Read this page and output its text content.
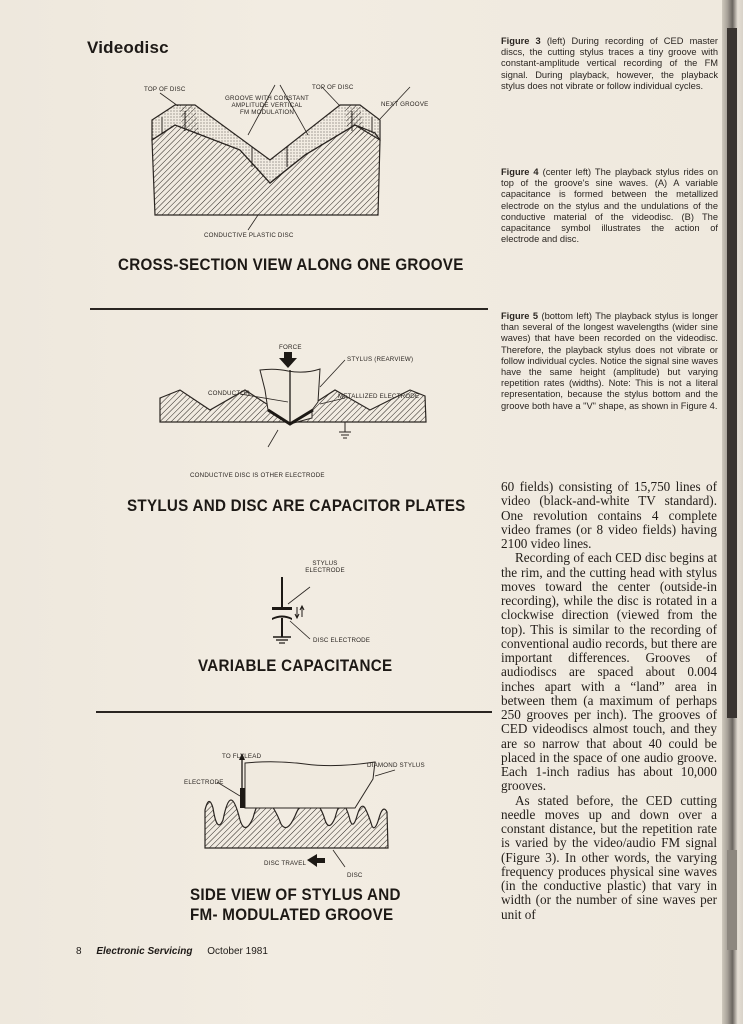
Videodisc
TOP OF DISC	TOP OF DISC
GROOVE WITH CONSTANT
AMPLITUDE VERTICAL
FM MODULATION
NEXT GROOVE
CONDUCTIVE PLASTIC DISC
CROSS-SECTION VIEW ALONG ONE GROOVE
FORCE
STYLUS (REARVIEW)
CONDUCTOR	METALLIZED ELECTRODE
CONDUCTIVE DISC IS OTHER ELECTRODE
STYLUS AND DISC ARE CAPACITOR PLATES
STYLUS
ELECTRODE
DISC ELECTRODE
VARIABLE CAPACITANCE
TO FLYLEAD
DIAMOND STYLUS
ELECTRODE
DISC TRAVEL
DISC
SIDE VIEW OF STYLUS AND
FM- MODULATED GROOVE
Figure 3 (left) During recording of CED master discs, the cutting stylus traces a tiny groove with constant-amplitude vertical recording of the FM signal. During playback, however, the playback stylus does not vibrate or follow individual cycles.
Figure 4 (center left) The playback stylus rides on top of the groove's sine waves. (A) A variable capacitance is formed between the metallized electrode on the stylus and the undulations of the conductive material of the videodisc. (B) The capacitance symbol illustrates the action of electrode and disc.
Figure 5 (bottom left) The playback stylus is longer than several of the longest wavelengths (wider sine waves) that have been recorded on the videodisc. Therefore, the playback stylus does not vibrate or follow individual cycles. Notice the signal sine waves have the same height (amplitude) but varying repetition rates (widths). Note: This is not a literal representation, because the stylus bottom and the groove both have a "V" shape, as shown in Figure 4.

60 fields) consisting of 15,750 lines of video (black-and-white TV standard). One revolution contains 4 complete video frames (or 8 video fields) having 2100 video lines.

Recording of each CED disc begins at the rim, and the cutting head with stylus moves toward the center (outside-in recording), while the disc is rotated in a clockwise direction (viewed from the top). This is similar to the recording of conventional audio records, but there are important differences. Grooves of audiodiscs are spaced about 0.004 inches apart with a “land” area in between them (a maximum of perhaps 250 grooves per inch). The grooves of CED videodiscs almost touch, and they are so narrow that about 40 could be placed in the space of one audio groove. Each 1-inch radius has about 10,000 grooves.

As stated before, the CED cutting needle moves up and down over a constant distance, but the repetition rate is varied by the video/audio FM signal (Figure 3). In other words, the varying frequency produces physical sine waves (in the conductive plastic) that vary in width (or the number of sine waves per unit of

8 Electronic Servicing October 1981
